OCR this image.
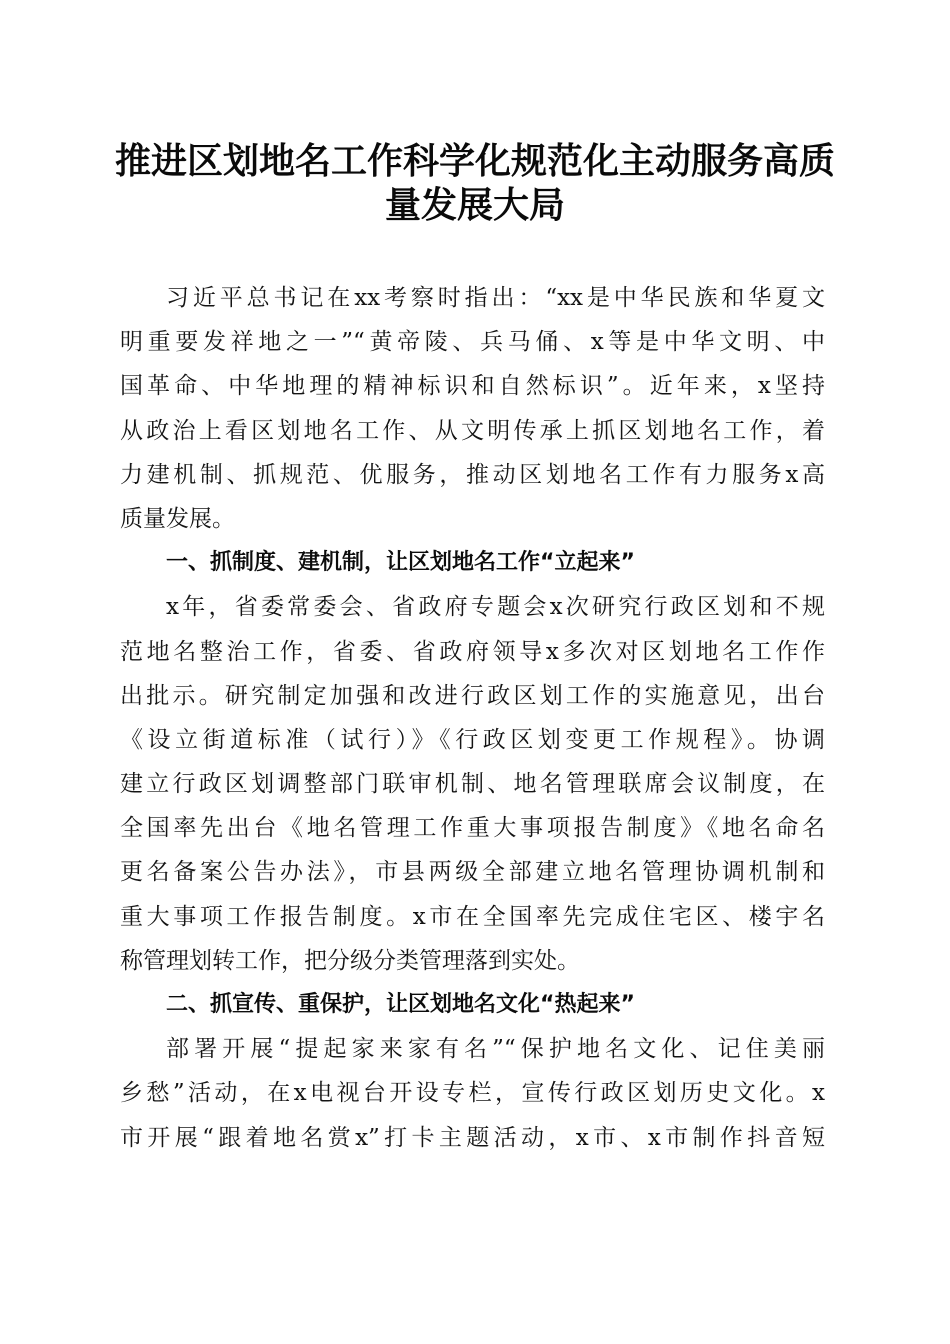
推进区划地名工作科学化规范化主动服务高质
量发展大局
习近平总书记在xx考察时指出：“xx是中华民族和华夏文
明重要发祥地之一”“黄帝陵、兵马俑、x等是中华文明、中
国革命、中华地理的精神标识和自然标识”。近年来，x坚持
从政治上看区划地名工作、从文明传承上抓区划地名工作，着
力建机制、抓规范、优服务，推动区划地名工作有力服务x高
质量发展。
一、抓制度、建机制，让区划地名工作“立起来”
x年，省委常委会、省政府专题会x次研究行政区划和不规
范地名整治工作，省委、省政府领导x多次对区划地名工作作
出批示。研究制定加强和改进行政区划工作的实施意见，出台
《设立街道标准（试行）》《行政区划变更工作规程》。协调
建立行政区划调整部门联审机制、地名管理联席会议制度，在
全国率先出台《地名管理工作重大事项报告制度》《地名命名
更名备案公告办法》，市县两级全部建立地名管理协调机制和
重大事项工作报告制度。x市在全国率先完成住宅区、楼宇名
称管理划转工作，把分级分类管理落到实处。
二、抓宣传、重保护，让区划地名文化“热起来”
部署开展“提起家来家有名”“保护地名文化、记住美丽
乡愁”活动，在x电视台开设专栏，宣传行政区划历史文化。x
市开展“跟着地名赏x”打卡主题活动，x市、x市制作抖音短
